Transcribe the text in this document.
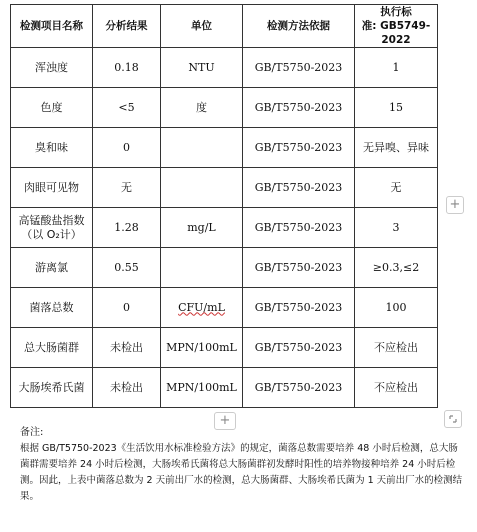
检测项目名称	分析结果	单位	检测方法依据	执行标
准: GB5749-2022
浑浊度	0.18	NTU	GB/T5750-2023	1
色度	<5	度	GB/T5750-2023	15
臭和味	0		GB/T5750-2023	无异嗅、异味
肉眼可见物	无		GB/T5750-2023	无
高锰酸盐指数
（以 O₂计）	1.28	mg/L	GB/T5750-2023	3
游离氯	0.55		GB/T5750-2023	≥0.3,≤2
菌落总数	0	CFU/mL	GB/T5750-2023	100
总大肠菌群	未检出	MPN/100mL	GB/T5750-2023	不应检出
大肠埃希氏菌	未检出	MPN/100mL	GB/T5750-2023	不应检出
+
+
备注:
根据 GB/T5750-2023《生活饮用水标准检验方法》的规定，菌落总数需要培养 48 小时后检测，总大肠菌群需要培养 24 小时后检测，大肠埃希氏菌将总大肠菌群初发酵时阳性的培养物接种培养 24 小时后检测。因此，上表中菌落总数为 2 天前出厂水的检测，总大肠菌群、大肠埃希氏菌为 1 天前出厂水的检测结果。
